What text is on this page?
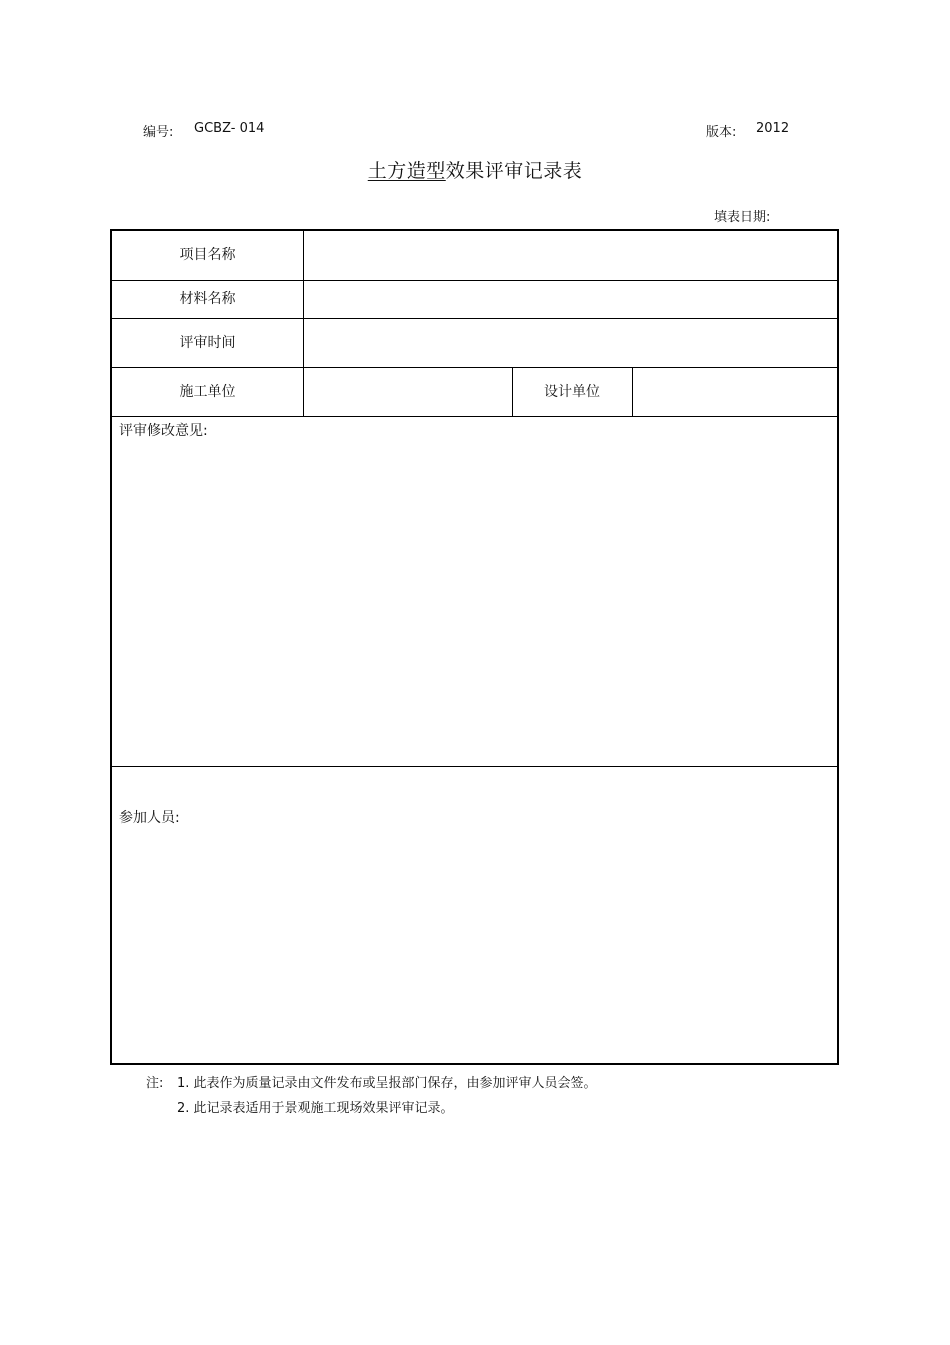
编号: GCBZ- 014	版本: 2012
土方造型效果评审记录表
填表日期:
项目名称
材料名称
评审时间
施工单位	设计单位
评审修改意见:
参加人员:
注: 1. 此表作为质量记录由文件发布或呈报部门保存，由参加评审人员会签。
2. 此记录表适用于景观施工现场效果评审记录。
